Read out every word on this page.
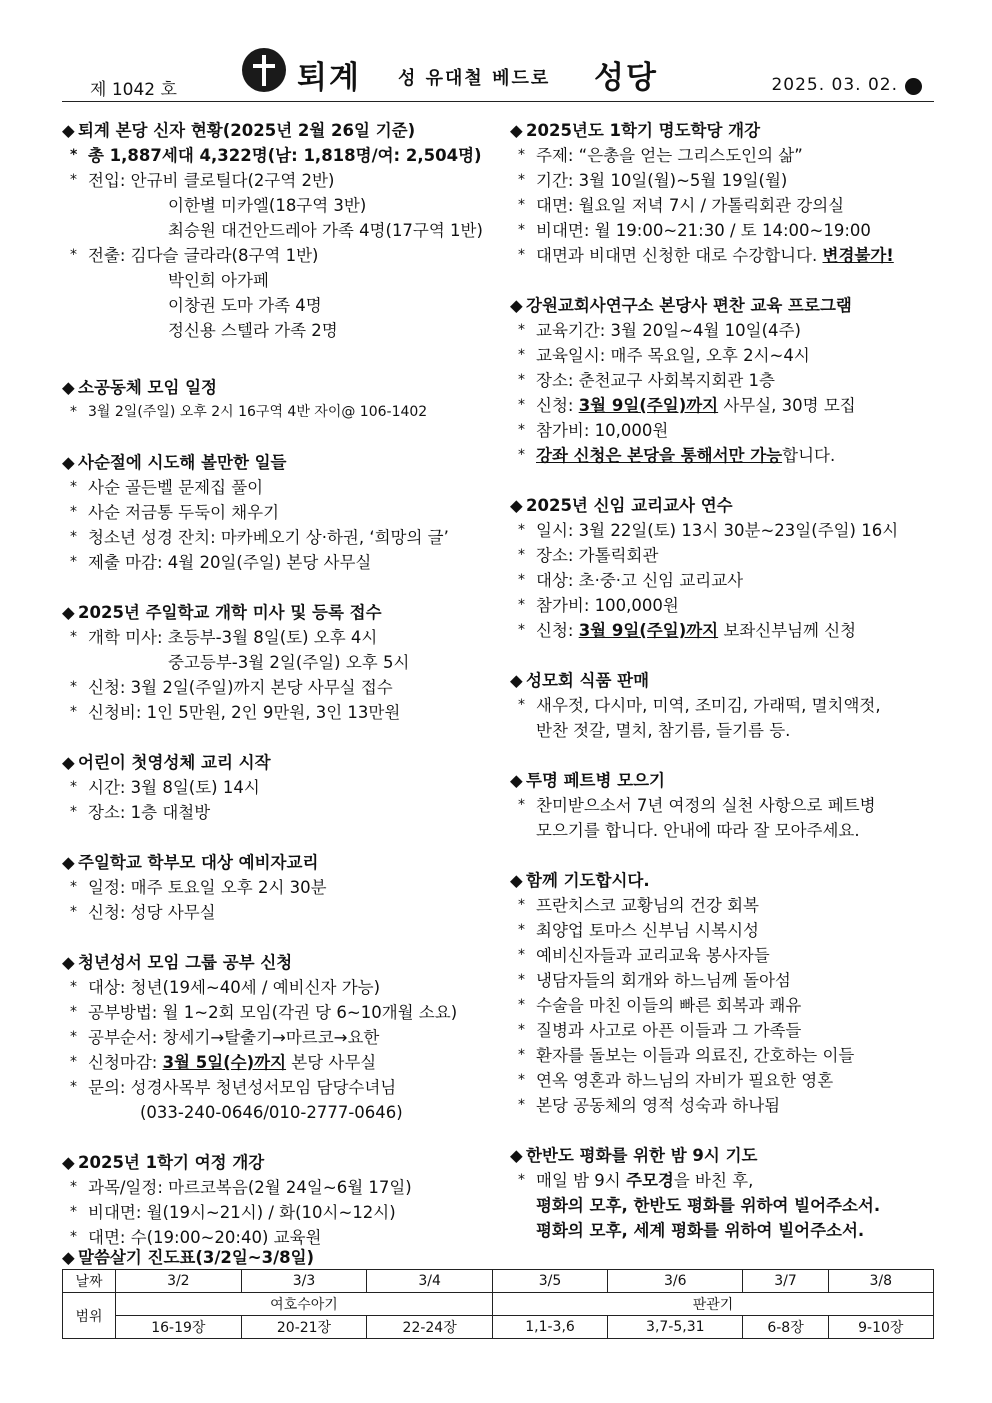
제 1042 호	퇴계 성 유대철 베드로 성당	2025. 03. 02.
◆ 퇴계 본당 신자 현황(2025년 2월 26일 기준)
* 총 1,887세대 4,322명(남: 1,818명/여: 2,504명)
* 전입: 안규비 클로틸다(2구역 2반)
이한별 미카엘(18구역 3반)
최승원 대건안드레아 가족 4명(17구역 1반)
* 전출: 김다슬 글라라(8구역 1반)
박인희 아가페
이창권 도마 가족 4명
정신용 스텔라 가족 2명
◆ 소공동체 모임 일정
* 3월 2일(주일) 오후 2시 16구역 4반 자이@ 106-1402
◆ 사순절에 시도해 볼만한 일들
* 사순 골든벨 문제집 풀이
* 사순 저금통 두둑이 채우기
* 청소년 성경 잔치: 마카베오기 상·하권, ‘희망의 글’
* 제출 마감: 4월 20일(주일) 본당 사무실
◆ 2025년 주일학교 개학 미사 및 등록 접수
* 개학 미사: 초등부-3월 8일(토) 오후 4시
중고등부-3월 2일(주일) 오후 5시
* 신청: 3월 2일(주일)까지 본당 사무실 접수
* 신청비: 1인 5만원, 2인 9만원, 3인 13만원
◆ 어린이 첫영성체 교리 시작
* 시간: 3월 8일(토) 14시
* 장소: 1층 대철방
◆ 주일학교 학부모 대상 예비자교리
* 일정: 매주 토요일 오후 2시 30분
* 신청: 성당 사무실
◆ 청년성서 모임 그룹 공부 신청
* 대상: 청년(19세~40세 / 예비신자 가능)
* 공부방법: 월 1~2회 모임(각권 당 6~10개월 소요)
* 공부순서: 창세기→탈출기→마르코→요한
* 신청마감: 3월 5일(수)까지 본당 사무실
* 문의: 성경사목부 청년성서모임 담당수녀님
(033-240-0646/010-2777-0646)
◆ 2025년 1학기 여정 개강
* 과목/일정: 마르코복음(2월 24일~6월 17일)
* 비대면: 월(19시~21시) / 화(10시~12시)
* 대면: 수(19:00~20:40) 교육원
◆ 2025년도 1학기 명도학당 개강
* 주제: “은총을 얻는 그리스도인의 삶”
* 기간: 3월 10일(월)~5월 19일(월)
* 대면: 월요일 저녁 7시 / 가톨릭회관 강의실
* 비대면: 월 19:00~21:30 / 토 14:00~19:00
* 대면과 비대면 신청한 대로 수강합니다. 변경불가!
◆ 강원교회사연구소 본당사 편찬 교육 프로그램
* 교육기간: 3월 20일~4월 10일(4주)
* 교육일시: 매주 목요일, 오후 2시~4시
* 장소: 춘천교구 사회복지회관 1층
* 신청: 3월 9일(주일)까지 사무실, 30명 모집
* 참가비: 10,000원
* 강좌 신청은 본당을 통해서만 가능합니다.
◆ 2025년 신임 교리교사 연수
* 일시: 3월 22일(토) 13시 30분~23일(주일) 16시
* 장소: 가톨릭회관
* 대상: 초·중·고 신임 교리교사
* 참가비: 100,000원
* 신청: 3월 9일(주일)까지 보좌신부님께 신청
◆ 성모회 식품 판매
* 새우젓, 다시마, 미역, 조미김, 가래떡, 멸치액젓,
반찬 젓갈, 멸치, 참기름, 들기름 등.
◆ 투명 페트병 모으기
* 찬미받으소서 7년 여정의 실천 사항으로 페트병
모으기를 합니다. 안내에 따라 잘 모아주세요.
◆ 함께 기도합시다.
* 프란치스코 교황님의 건강 회복
* 최양업 토마스 신부님 시복시성
* 예비신자들과 교리교육 봉사자들
* 냉담자들의 회개와 하느님께 돌아섬
* 수술을 마친 이들의 빠른 회복과 쾌유
* 질병과 사고로 아픈 이들과 그 가족들
* 환자를 돌보는 이들과 의료진, 간호하는 이들
* 연옥 영혼과 하느님의 자비가 필요한 영혼
* 본당 공동체의 영적 성숙과 하나됨
◆ 한반도 평화를 위한 밤 9시 기도
* 매일 밤 9시 주모경을 바친 후,
평화의 모후, 한반도 평화를 위하여 빌어주소서.
평화의 모후, 세계 평화를 위하여 빌어주소서.
◆ 말씀살기 진도표(3/2일~3/8일)
날짜	3/2	3/3	3/4	3/5	3/6	3/7	3/8
범위	여호수아기			판관기			
	16-19장	20-21장	22-24장	1,1-3,6	3,7-5,31	6-8장	9-10장
